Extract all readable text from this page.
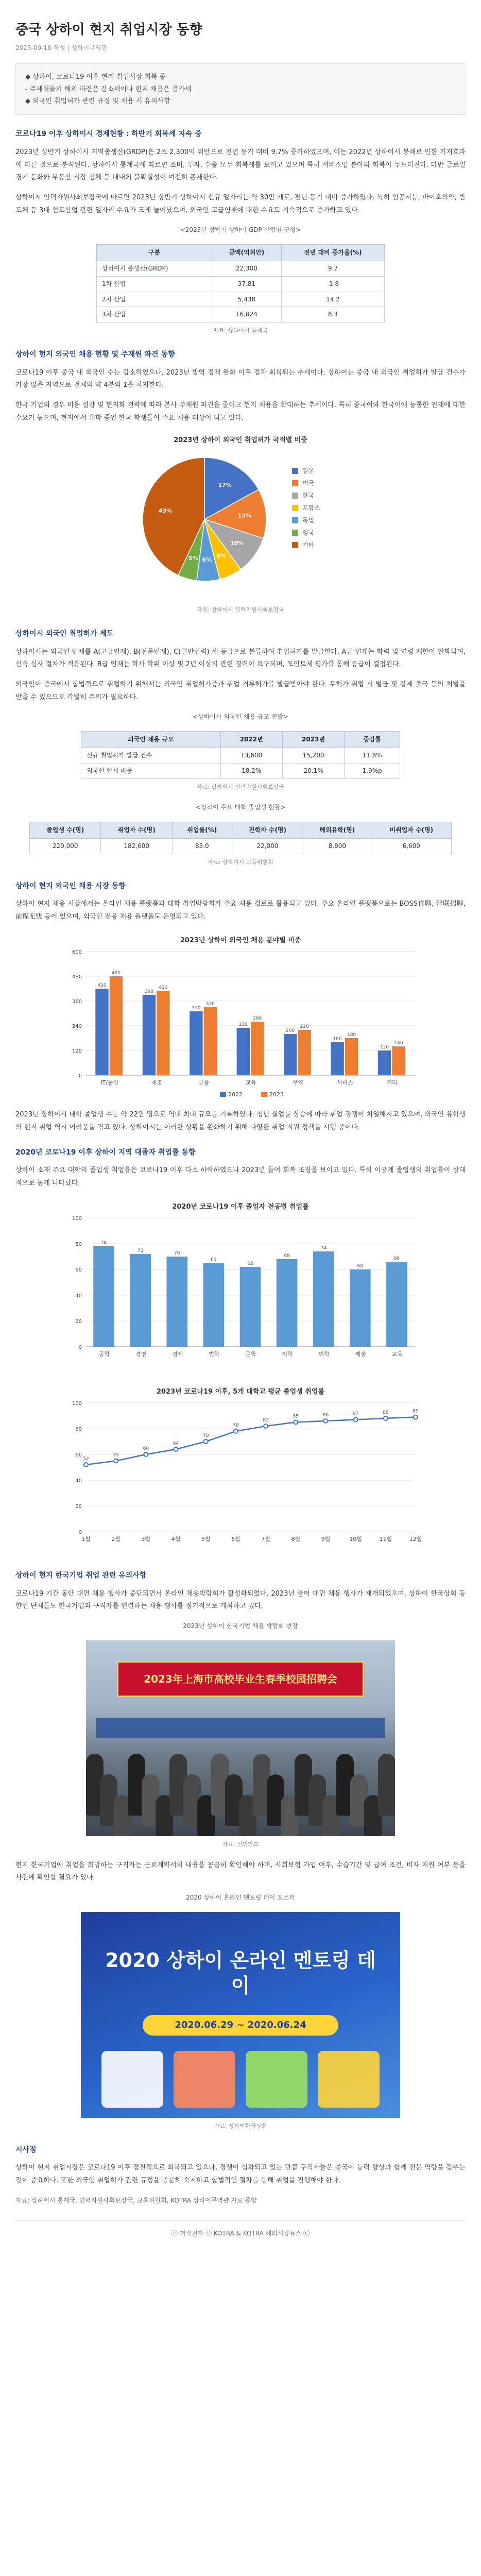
중국 상하이 현지 취업시장 동향
2023-09-18 작성 | 상하이무역관
◆ 상하이, 코로나19 이후 현지 취업시장 회복 중
- 주재원들의 해외 파견은 감소세이나 현지 채용은 증가세
◆ 외국인 취업허가 관련 규정 및 채용 시 유의사항
코로나19 이후 상하이시 경제현황 : 하반기 회복세 지속 중

2023년 상반기 상하이시 지역총생산(GRDP)은 2조 2,300억 위안으로 전년 동기 대비 9.7% 증가하였으며, 이는 2022년 상하이시 봉쇄로 인한 기저효과에 따른 것으로 분석된다. 상하이시 통계국에 따르면 소비, 투자, 수출 모두 회복세를 보이고 있으며 특히 서비스업 분야의 회복이 두드러진다. 다만 글로벌 경기 둔화와 부동산 시장 침체 등 대내외 불확실성이 여전히 존재한다.

상하이시 인력자원사회보장국에 따르면 2023년 상반기 상하이시 신규 일자리는 약 30만 개로, 전년 동기 대비 증가하였다. 특히 인공지능, 바이오의약, 반도체 등 3대 선도산업 관련 일자리 수요가 크게 늘어났으며, 외국인 고급인재에 대한 수요도 지속적으로 증가하고 있다.

<2023년 상반기 상하이 GDP 산업별 구성>
구분	금액(억위안)	전년 대비 증가율(%)
상하이시 총생산(GRDP)	22,300	9.7
1차 산업	37.81	-1.8
2차 산업	5,438	14.2
3차 산업	16,824	8.3
자료: 상하이시 통계국
상하이 현지 외국인 채용 현황 및 주재원 파견 동향

코로나19 이후 중국 내 외국인 수는 감소하였으나, 2023년 방역 정책 완화 이후 점차 회복되는 추세이다. 상하이는 중국 내 외국인 취업허가 발급 건수가 가장 많은 지역으로 전체의 약 4분의 1을 차지한다.

한국 기업의 경우 비용 절감 및 현지화 전략에 따라 본사 주재원 파견을 줄이고 현지 채용을 확대하는 추세이다. 특히 중국어와 한국어에 능통한 인재에 대한 수요가 높으며, 현지에서 유학 중인 한국 학생들이 주요 채용 대상이 되고 있다.

2023년 상하이 외국인 취업허가 국적별 비중
17%
13%
10%
6%
6%
5%
43%
일본
미국
한국
프랑스
독일
영국
기타
자료: 상하이시 인력자원사회보장국
상하이시 외국인 취업허가 제도

상하이시는 외국인 인재를 A(고급인재), B(전문인재), C(일반인력) 세 등급으로 분류하여 취업허가를 발급한다. A급 인재는 학력 및 연령 제한이 완화되며, 신속 심사 절차가 적용된다. B급 인재는 학사 학위 이상 및 2년 이상의 관련 경력이 요구되며, 포인트제 평가를 통해 등급이 결정된다.

외국인이 중국에서 합법적으로 취업하기 위해서는 외국인 취업허가증과 취업 거류허가를 발급받아야 한다. 무허가 취업 시 벌금 및 강제 출국 등의 처벌을 받을 수 있으므로 각별히 주의가 필요하다.

<상하이시 외국인 채용 규모 전망>
외국인 채용 규모	2022년	2023년	증감률
신규 취업허가 발급 건수	13,600	15,200	11.8%
외국인 인재 비중	18.2%	20.1%	1.9%p
자료: 상하이시 인력자원사회보장국
<상하이 주요 대학 졸업생 현황>
졸업생 수(명)	취업자 수(명)	취업률(%)	진학자 수(명)	해외유학(명)	미취업자 수(명)
220,000	182,600	83.0	22,000	8,800	6,600
자료: 상하이시 교육위원회
상하이 현지 외국인 채용 시장 동향

상하이 현지 채용 시장에서는 온라인 채용 플랫폼과 대학 취업박람회가 주요 채용 경로로 활용되고 있다. 주요 온라인 플랫폼으로는 BOSS直聘, 智联招聘, 前程无忧 등이 있으며, 외국인 전용 채용 플랫폼도 운영되고 있다.

2023년 상하이 외국인 채용 분야별 비중
0
120
240
360
480
600
420
480
IT/통신
390
410
제조
310
330
금융
230
260
교육
200
220
무역
160
180
서비스
120
140
기타
2022	2023

2023년 상하이시 대학 졸업생 수는 약 22만 명으로 역대 최대 규모를 기록하였다. 청년 실업률 상승에 따라 취업 경쟁이 치열해지고 있으며, 외국인 유학생의 현지 취업 역시 어려움을 겪고 있다. 상하이시는 이러한 상황을 완화하기 위해 다양한 취업 지원 정책을 시행 중이다.

2020년 코로나19 이후 상하이 지역 대졸자 취업률 동향

상하이 소재 주요 대학의 졸업생 취업률은 코로나19 이후 다소 하락하였으나 2023년 들어 회복 조짐을 보이고 있다. 특히 이공계 졸업생의 취업률이 상대적으로 높게 나타났다.

2020년 코로나19 이후 졸업자 전공별 취업률
0
20
40
60
80
100
78
공학
72
경영
70
경제
65
법학
62
문학
68
이학
74
의학
60
예술
66
교육
2023년 코로나19 이후, 5개 대학교 평균 졸업생 취업률
0
20
40
60
80
100
52
55
60
64
70
78
82
85	86	87	88	89
1월	2월	3월	4월	5월	6월	7월	8월	9월	10월	11월	12월
상하이 현지 한국기업 취업 관련 유의사항

코로나19 기간 동안 대면 채용 행사가 중단되면서 온라인 채용박람회가 활성화되었다. 2023년 들어 대면 채용 행사가 재개되었으며, 상하이 한국상회 등 한인 단체들도 한국기업과 구직자를 연결하는 채용 행사를 정기적으로 개최하고 있다.

2023년 상하이 한국기업 채용 박람회 현장
2023年上海市高校毕业生春季校园招聘会
자료: 신민만보

현지 한국기업에 취업을 희망하는 구직자는 근로계약서의 내용을 꼼꼼히 확인해야 하며, 사회보험 가입 여부, 수습기간 및 급여 조건, 비자 지원 여부 등을 사전에 확인할 필요가 있다.

2020 상하이 온라인 멘토링 데이 포스터
2020 상하이 온라인 멘토링 데이
2020.06.29 ~ 2020.06.24
자료: 상하이한국상회
시사점

상하이 현지 취업시장은 코로나19 이후 점진적으로 회복되고 있으나, 경쟁이 심화되고 있는 만큼 구직자들은 중국어 능력 향상과 함께 전문 역량을 갖추는 것이 중요하다. 또한 외국인 취업허가 관련 규정을 충분히 숙지하고 합법적인 절차를 통해 취업을 진행해야 한다.

자료: 상하이시 통계국, 인력자원사회보장국, 교육위원회, KOTRA 상하이무역관 자료 종합
ⓒ 저작권자 ⓒ KOTRA & KOTRA 해외시장뉴스 ⓒ
